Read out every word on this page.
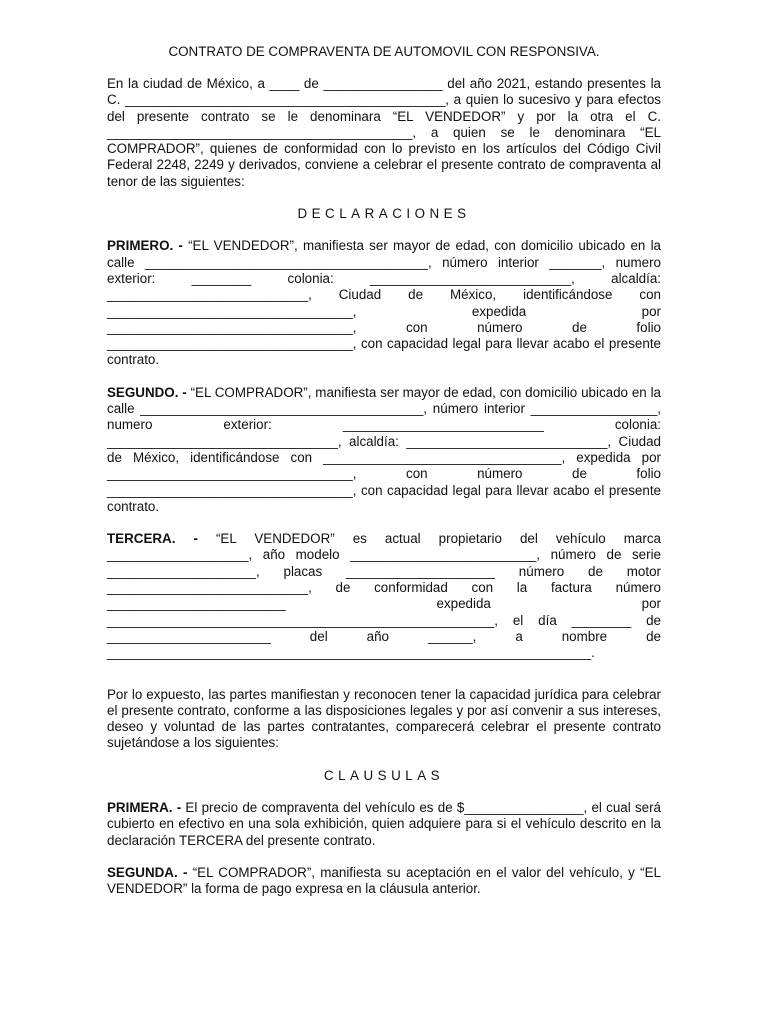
CONTRATO DE COMPRAVENTA DE AUTOMOVIL CON RESPONSIVA.

En la ciudad de México, a ____ de ________________ del año 2021, estando presentes la C. ___________________________________________, a quien lo sucesivo y para efectos del presente contrato se le denominara “EL VENDEDOR” y por la otra el C. _________________________________________, a quien se le denominara “EL COMPRADOR”, quienes de conformidad con lo previsto en los artículos del Código Civil Federal 2248, 2249 y derivados, conviene a celebrar el presente contrato de compraventa al tenor de las siguientes:

DECLARACIONES

PRIMERO. - “EL VENDEDOR”, manifiesta ser mayor de edad, con domicilio ubicado en la calle ______________________________________, número interior _______, numero exterior: ________ colonia: ___________________________, alcaldía: ___________________________, Ciudad de México, identificándose con _________________________________, expedida por _________________________________, con número de folio _________________________________, con capacidad legal para llevar acabo el presente contrato.

SEGUNDO. - “EL COMPRADOR”, manifiesta ser mayor de edad, con domicilio ubicado en la calle ______________________________________, número interior _________________, numero exterior: ___________________________ colonia: _______________________________, alcaldía: ___________________________, Ciudad de México, identificándose con ________________________________, expedida por _________________________________, con número de folio _________________________________, con capacidad legal para llevar acabo el presente contrato.

TERCERA. - “EL VENDEDOR” es actual propietario del vehículo marca ___________________, año modelo _________________________, número de serie ____________________, placas ____________________ número de motor ___________________________, de conformidad con la factura número ________________________ expedida por ____________________________________________________, el día ________ de ______________________ del año ______, a nombre de _________________________________________________________________.

Por lo expuesto, las partes manifiestan y reconocen tener la capacidad jurídica para celebrar el presente contrato, conforme a las disposiciones legales y por así convenir a sus intereses, deseo y voluntad de las partes contratantes, comparecerá celebrar el presente contrato sujetándose a los siguientes:

CLAUSULAS

PRIMERA. - El precio de compraventa del vehículo es de $________________, el cual será cubierto en efectivo en una sola exhibición, quien adquiere para si el vehículo descrito en la declaración TERCERA del presente contrato.

SEGUNDA. - “EL COMPRADOR”, manifiesta su aceptación en el valor del vehículo, y “EL VENDEDOR” la forma de pago expresa en la cláusula anterior.
